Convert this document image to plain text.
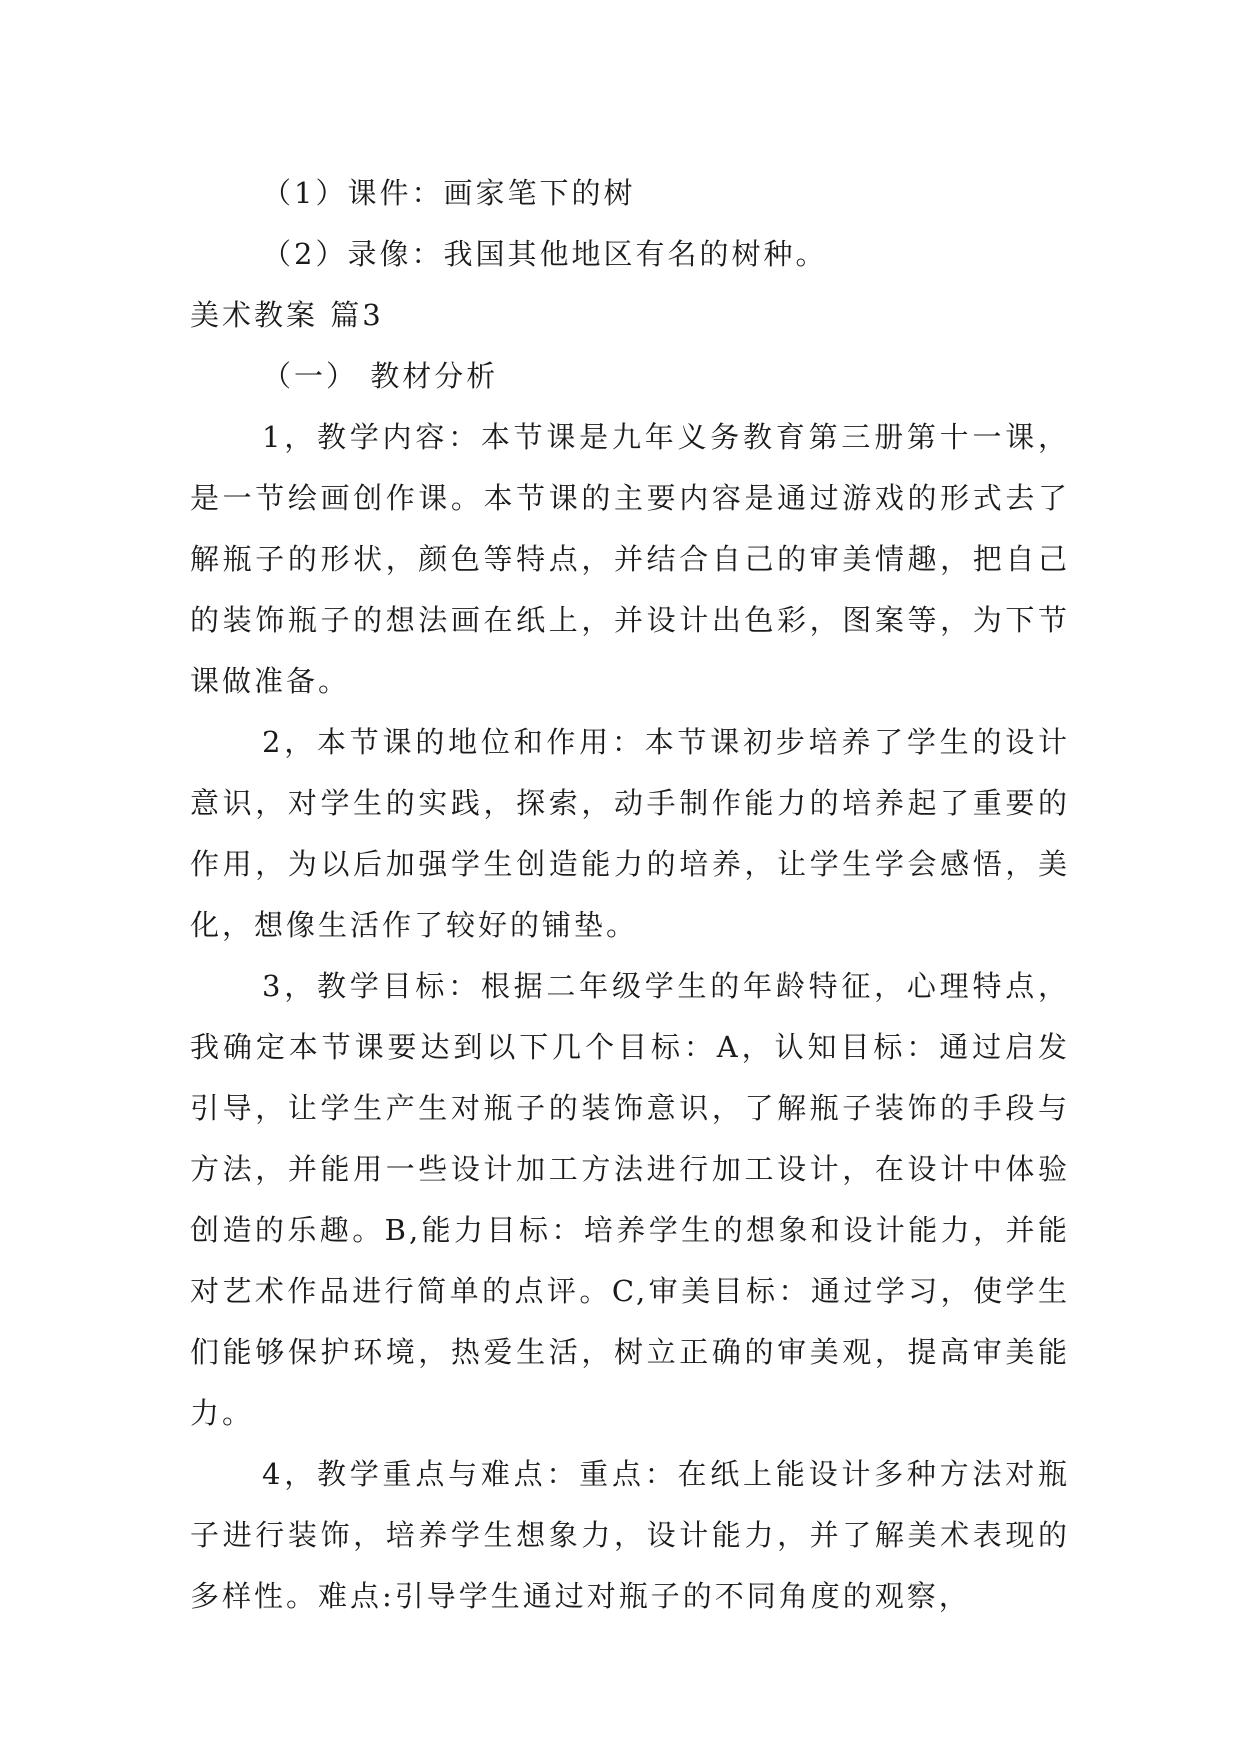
（1）课件：画家笔下的树

（2）录像：我国其他地区有名的树种。

美术教案 篇3

（一） 教材分析

1，教学内容：本节课是九年义务教育第三册第十一课，是一节绘画创作课。本节课的主要内容是通过游戏的形式去了解瓶子的形状，颜色等特点，并结合自己的审美情趣，把自己的装饰瓶子的想法画在纸上，并设计出色彩，图案等，为下节课做准备。

2，本节课的地位和作用：本节课初步培养了学生的设计意识，对学生的实践，探索，动手制作能力的培养起了重要的作用，为以后加强学生创造能力的培养，让学生学会感悟，美化，想像生活作了较好的铺垫。

3，教学目标：根据二年级学生的年龄特征，心理特点，我确定本节课要达到以下几个目标：A，认知目标：通过启发引导，让学生产生对瓶子的装饰意识，了解瓶子装饰的手段与方法，并能用一些设计加工方法进行加工设计，在设计中体验创造的乐趣。B,能力目标：培养学生的想象和设计能力，并能对艺术作品进行简单的点评。C,审美目标：通过学习，使学生们能够保护环境，热爱生活，树立正确的审美观，提高审美能力。

4，教学重点与难点：重点：在纸上能设计多种方法对瓶子进行装饰，培养学生想象力，设计能力，并了解美术表现的多样性。难点:引导学生通过对瓶子的不同角度的观察，
